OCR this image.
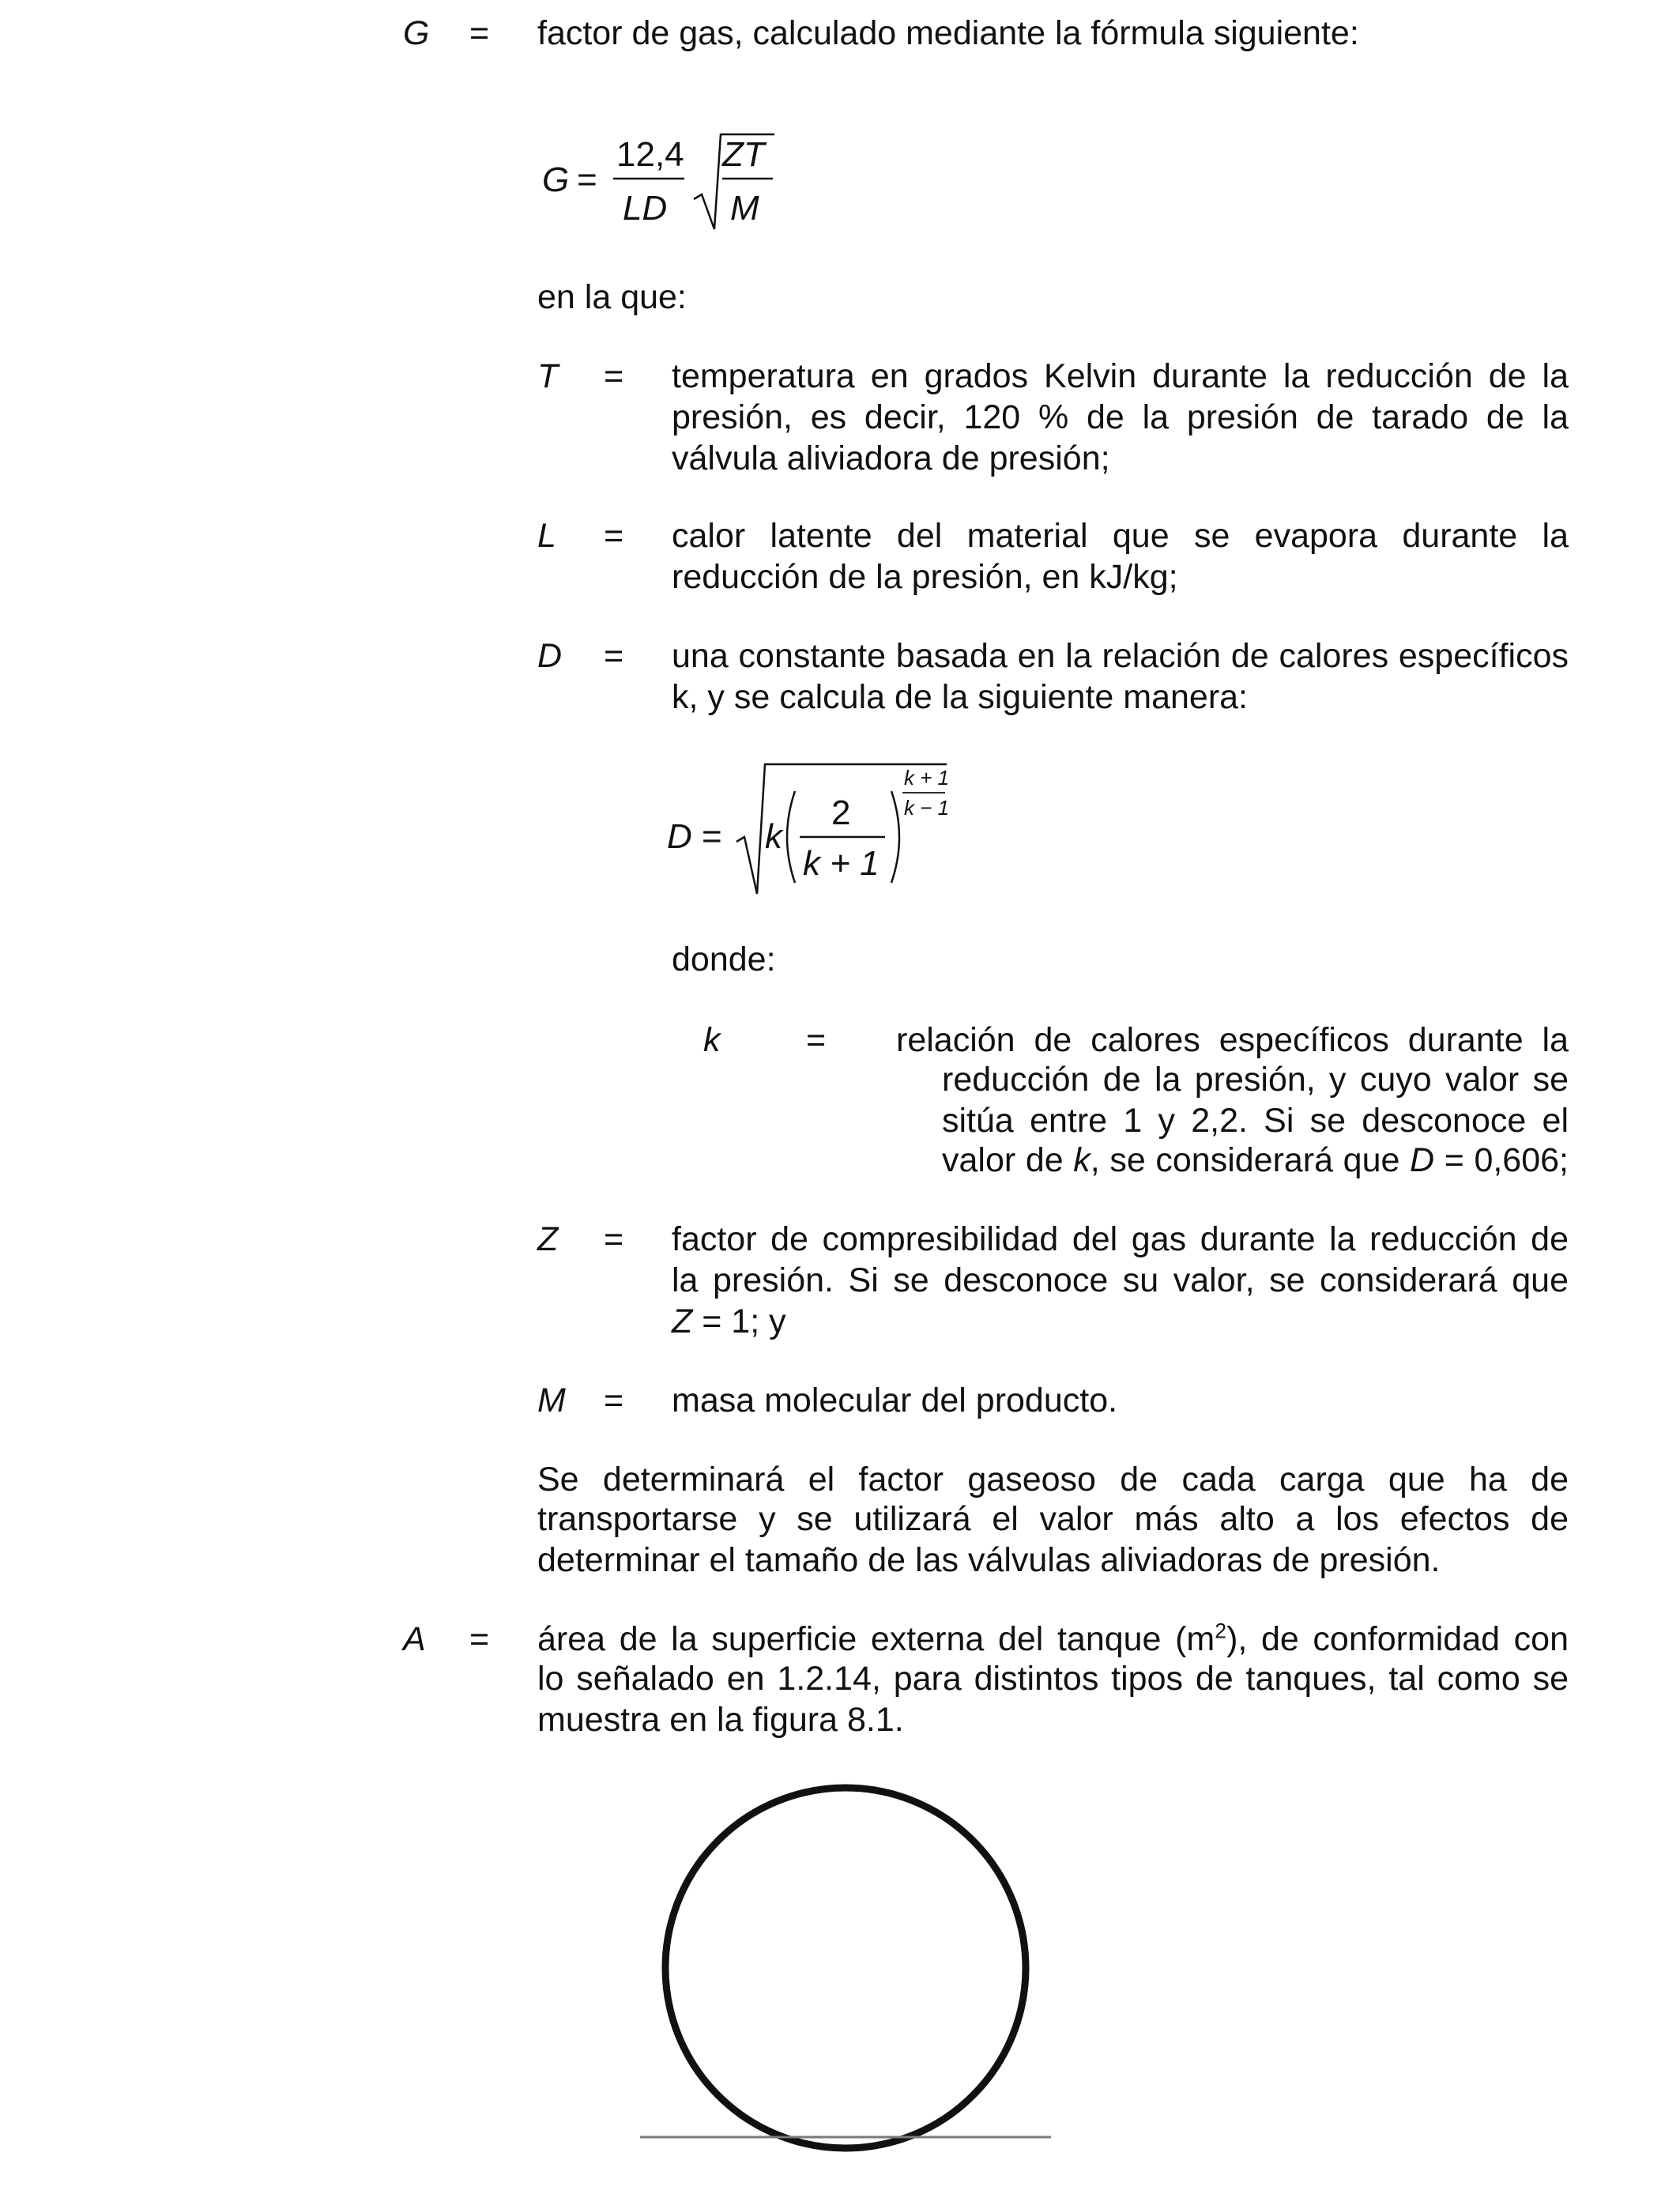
G = factor de gas, calculado mediante la fórmula siguiente:
G =
12,4
LD
ZT
M
en la que:
T = temperatura en grados Kelvin durante la reducción de la
presión, es decir, 120 % de la presión de tarado de la
válvula aliviadora de presión;
L = calor latente del material que se evapora durante la
reducción de la presión, en kJ/kg;
D = una constante basada en la relación de calores específicos
k, y se calcula de la siguiente manera:
D = k
2
k + 1
k + 1
k − 1
donde:
k	= relación de calores específicos durante la
reducción de la presión, y cuyo valor se
sitúa entre 1 y 2,2. Si se desconoce el
valor de k, se considerará que D = 0,606;
Z = factor de compresibilidad del gas durante la reducción de
la presión. Si se desconoce su valor, se considerará que
Z = 1; y
M = masa molecular del producto.
Se determinará el factor gaseoso de cada carga que ha de
transportarse y se utilizará el valor más alto a los efectos de
determinar el tamaño de las válvulas aliviadoras de presión.
A = área de la superficie externa del tanque $(m^2)$, de conformidad con
lo señalado en 1.2.14, para distintos tipos de tanques, tal como se
muestra en la figura 8.1.
